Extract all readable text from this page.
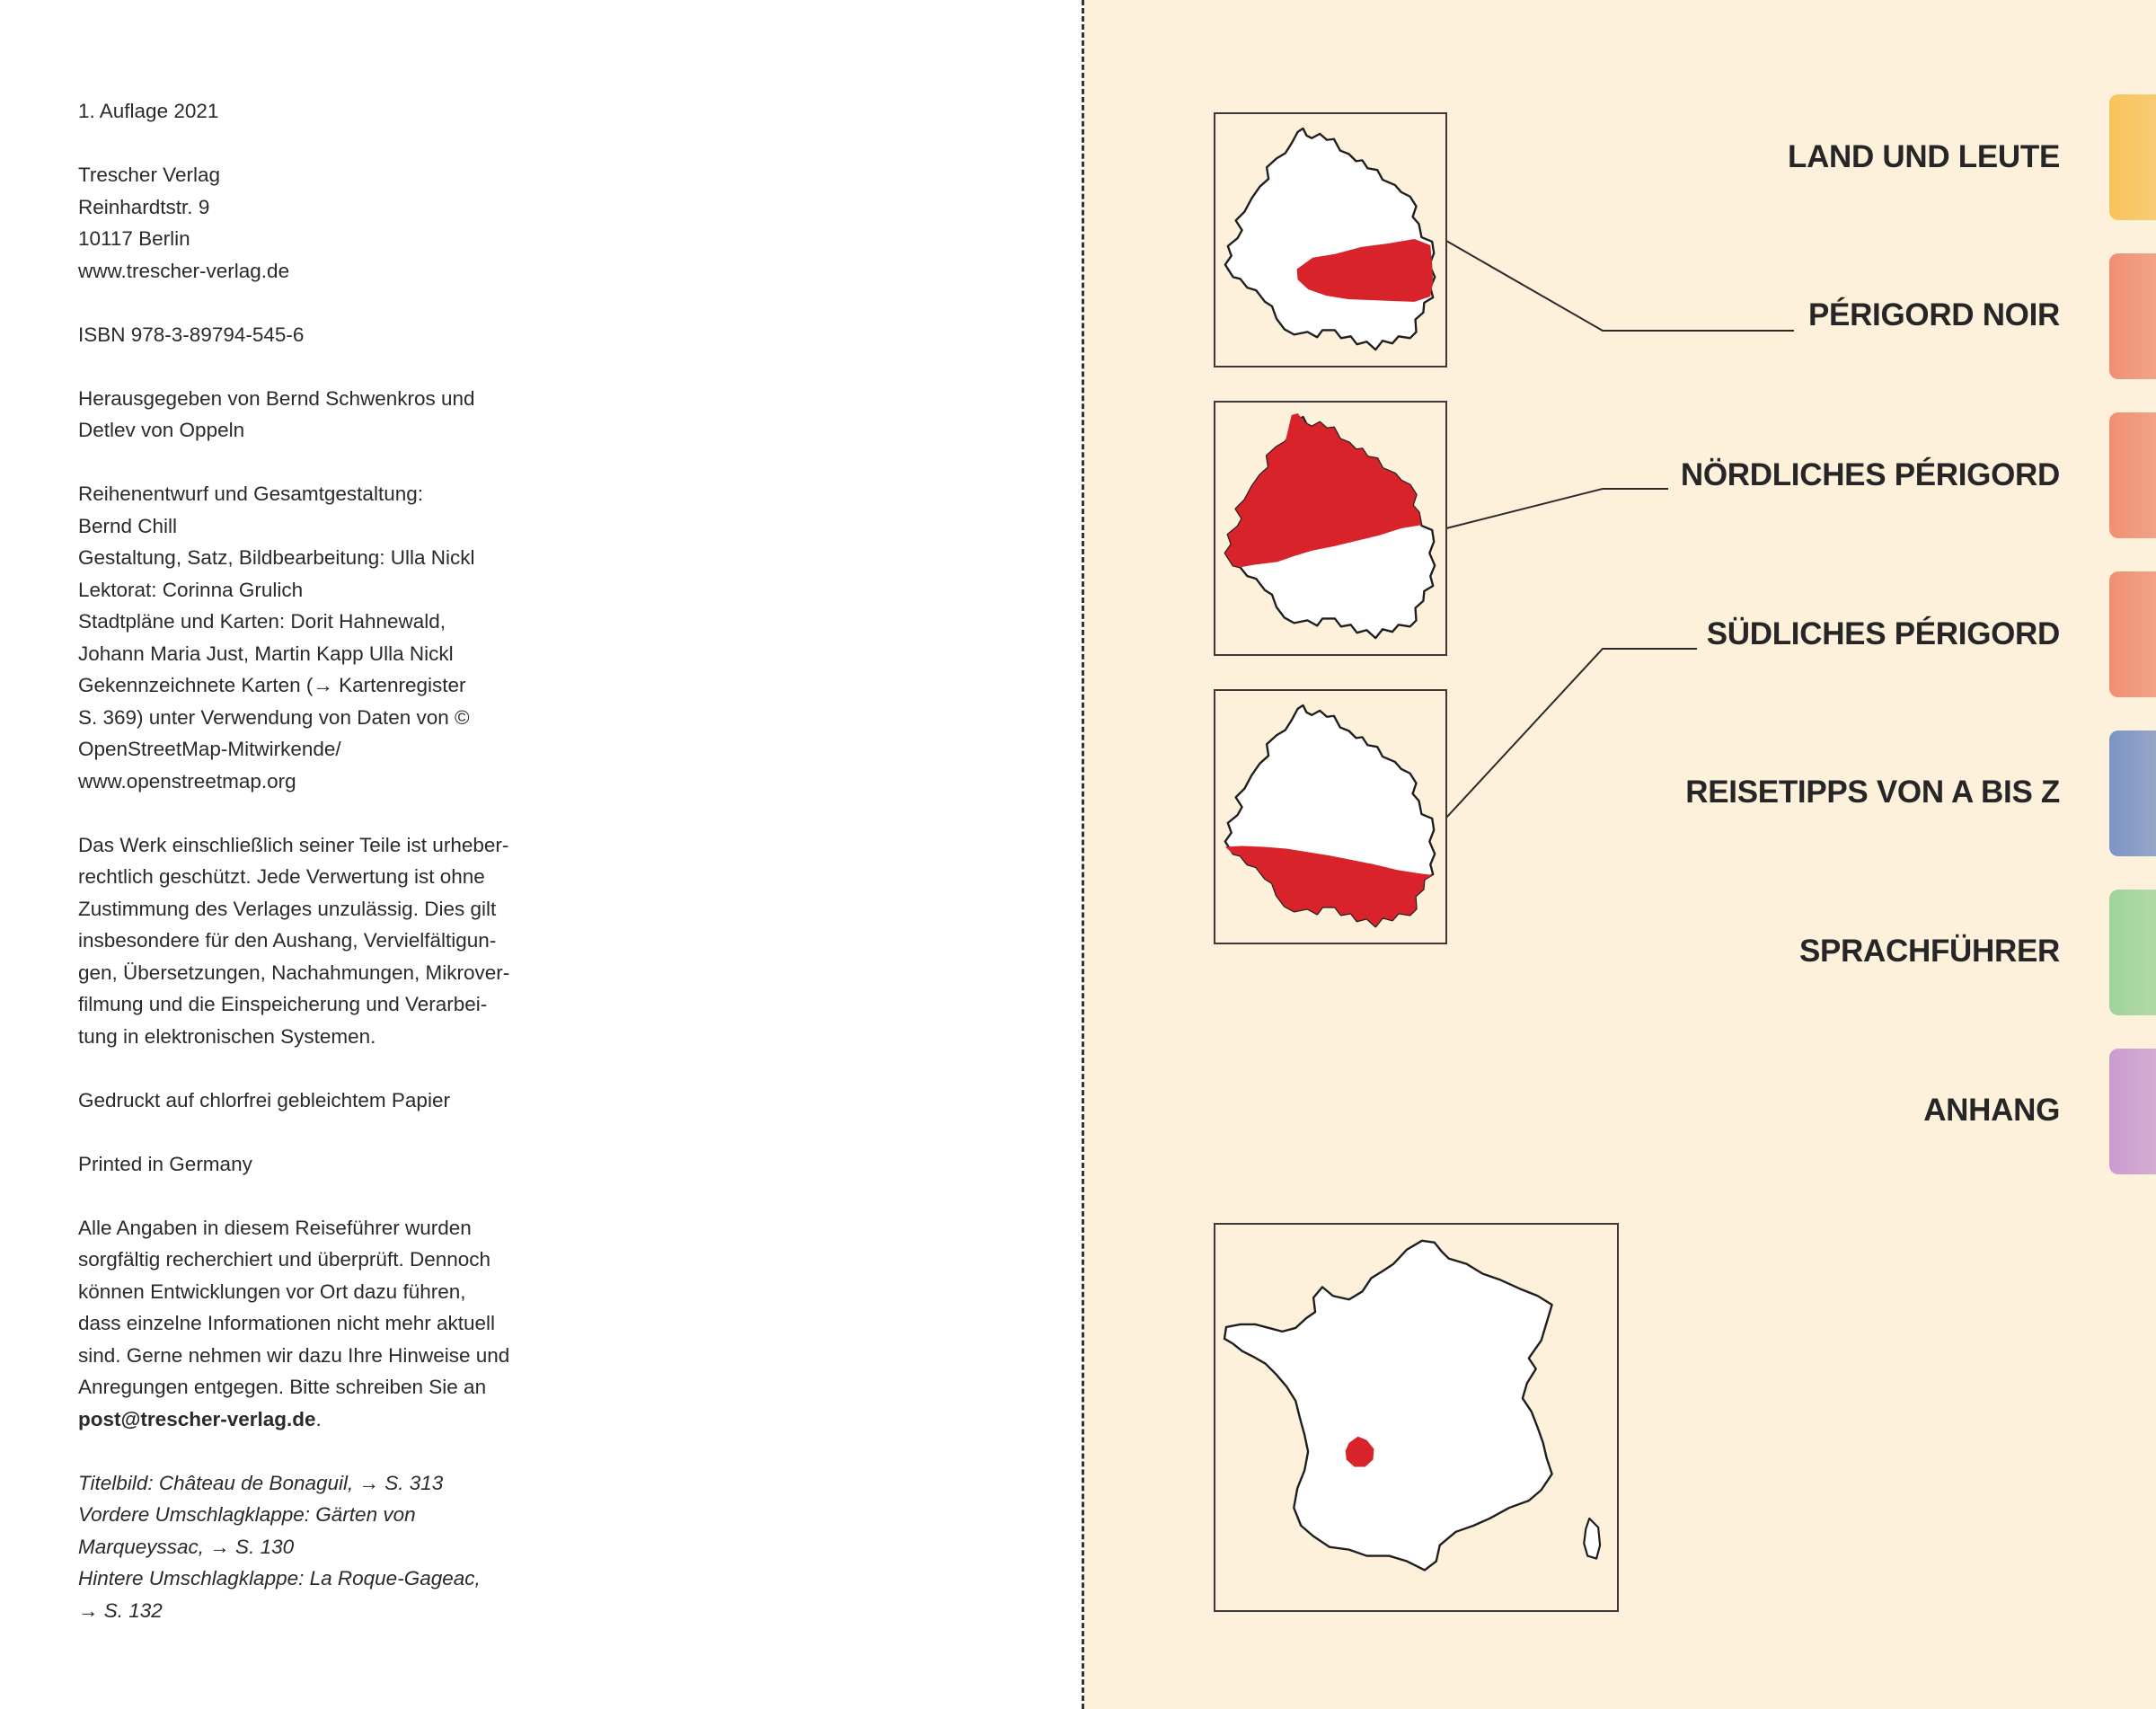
1. Auflage 2021

Trescher Verlag
Reinhardtstr. 9
10117 Berlin
www.trescher-verlag.de

ISBN 978-3-89794-545-6

Herausgegeben von Bernd Schwenkros und
Detlev von Oppeln

Reihenentwurf und Gesamtgestaltung:
Bernd Chill
Gestaltung, Satz, Bildbearbeitung: Ulla Nickl
Lektorat: Corinna Grulich
Stadtpläne und Karten: Dorit Hahnewald,
Johann Maria Just, Martin Kapp Ulla Nickl
Gekennzeichnete Karten (→ Kartenregister
S. 369) unter Verwendung von Daten von ©
OpenStreetMap-Mitwirkende/
www.openstreetmap.org

Das Werk einschließlich seiner Teile ist urheber-
rechtlich geschützt. Jede Verwertung ist ohne
Zustimmung des Verlages unzulässig. Dies gilt
insbesondere für den Aushang, Vervielfältigun-
gen, Übersetzungen, Nachahmungen, Mikrover-
filmung und die Einspeicherung und Verarbei-
tung in elektronischen Systemen.

Gedruckt auf chlorfrei gebleichtem Papier

Printed in Germany

Alle Angaben in diesem Reiseführer wurden
sorgfältig recherchiert und überprüft. Dennoch
können Entwicklungen vor Ort dazu führen,
dass einzelne Informationen nicht mehr aktuell
sind. Gerne nehmen wir dazu Ihre Hinweise und
Anregungen entgegen. Bitte schreiben Sie an
post@trescher-verlag.de.

Titelbild: Château de Bonaguil, → S. 313
Vordere Umschlagklappe: Gärten von
Marqueyssac, → S. 130
Hintere Umschlagklappe: La Roque-Gageac,
→ S. 132

LAND UND LEUTE
PÉRIGORD NOIR
NÖRDLICHES PÉRIGORD
SÜDLICHES PÉRIGORD
REISETIPPS VON A BIS Z
SPRACHFÜHRER
ANHANG
